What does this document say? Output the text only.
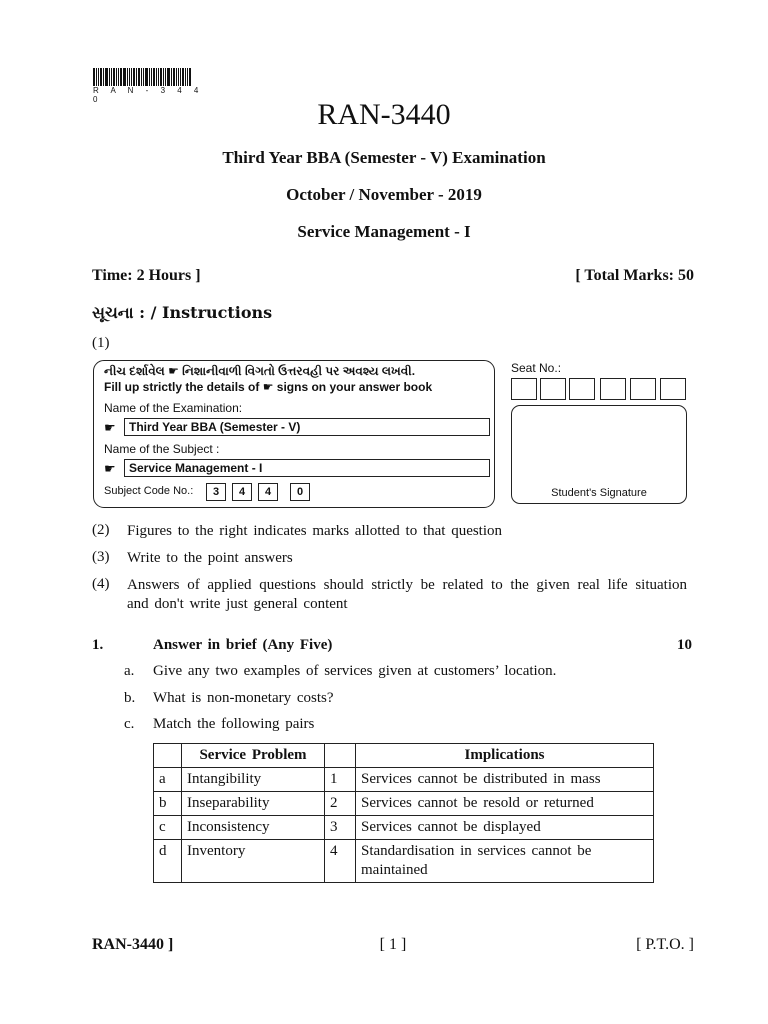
R A N - 3 4 4 0	RAN-3440
Third Year BBA (Semester - V) Examination
October / November - 2019
Service Management - I
Time: 2 Hours ]	[ Total Marks: 50
સૂચના : / Instructions
(1)
નીચ દર્શાવેલ ☛ નિશાનીવાળી વિગતો ઉત્તરવહી પર અવશ્ય લખવી.
Fill up strictly the details of ☛ signs on your answer book
Name of the Examination:
☛	Third Year BBA (Semester - V)
Name of the Subject :
☛	Service Management - I
Subject Code No.:	3	4	4	0
Seat No.:
Student's Signature
(2) Figures to the right indicates marks allotted to that question
(3) Write to the point answers
(4) Answers of applied questions should strictly be related to the given real life situation and don't write just general content
1.	Answer in brief (Any Five)	10
a. Give any two examples of services given at customers’ location.
b. What is non-monetary costs?
c. Match the following pairs
	Service Problem		Implications
a	Intangibility	1	Services cannot be distributed in mass
b	Inseparability	2	Services cannot be resold or returned
c	Inconsistency	3	Services cannot be displayed
d	Inventory	4	Standardisation in services cannot be maintained
RAN-3440 ]	[ 1 ]	[ P.T.O. ]
